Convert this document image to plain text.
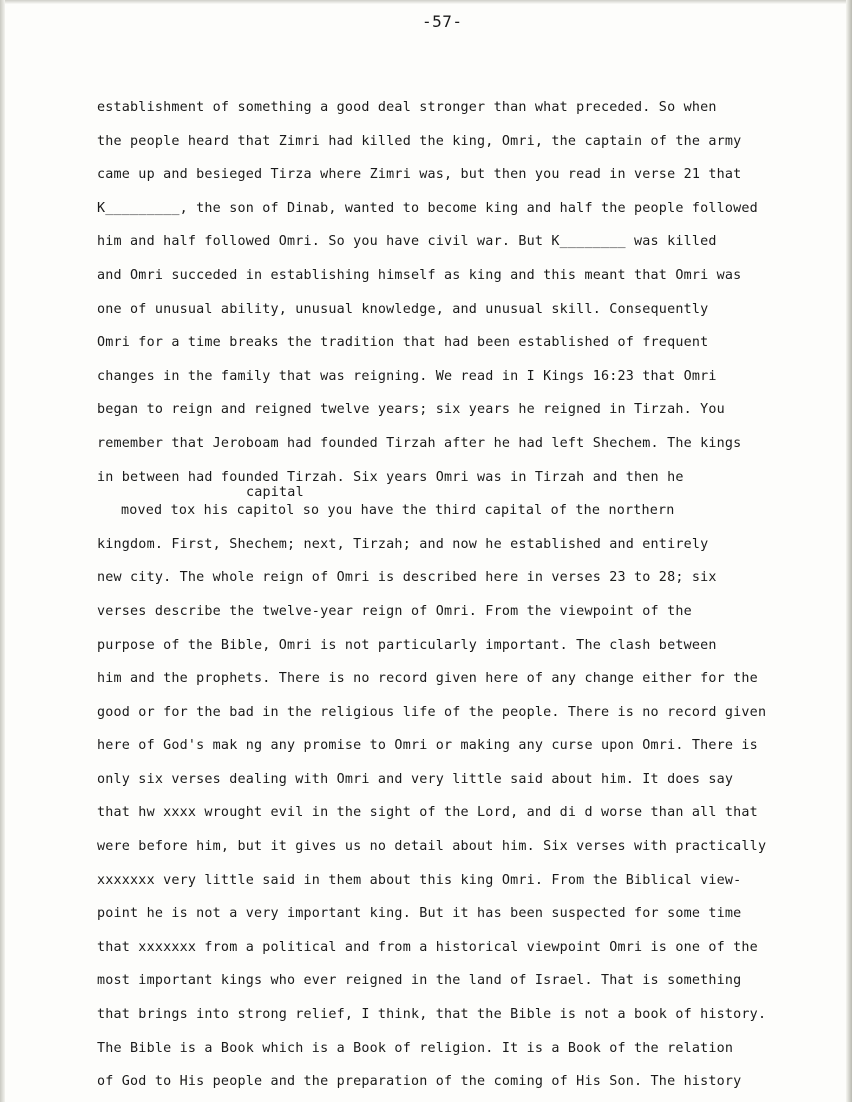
-57-
capital
establishment of something a good deal stronger than what preceded. So when
the people heard that Zimri had killed the king, Omri, the captain of the army
came up and besieged Tirza where Zimri was, but then you read in verse 21 that
K_________, the son of Dinab, wanted to become king and half the people followed
him and half followed Omri. So you have civil war. But K________ was killed
and Omri succeded in establishing himself as king and this meant that Omri was
one of unusual ability, unusual knowledge, and unusual skill. Consequently
Omri for a time breaks the tradition that had been established of frequent
changes in the family that was reigning. We read in I Kings 16:23 that Omri
began to reign and reigned twelve years; six years he reigned in Tirzah. You
remember that Jeroboam had founded Tirzah after he had left Shechem. The kings
in between had founded Tirzah. Six years Omri was in Tirzah and then he
moved tox his capitol so you have the third capital of the northern
kingdom. First, Shechem; next, Tirzah; and now he established and entirely
new city. The whole reign of Omri is described here in verses 23 to 28; six
verses describe the twelve-year reign of Omri. From the viewpoint of the
purpose of the Bible, Omri is not particularly important. The clash between
him and the prophets. There is no record given here of any change either for the
good or for the bad in the religious life of the people. There is no record given
here of God's mak ng any promise to Omri or making any curse upon Omri. There is
only six verses dealing with Omri and very little said about him. It does say
that hw xxxx wrought evil in the sight of the Lord, and di d worse than all that
were before him, but it gives us no detail about him. Six verses with practically
xxxxxxx very little said in them about this king Omri. From the Biblical view-
point he is not a very important king. But it has been suspected for some time
that xxxxxxx from a political and from a historical viewpoint Omri is one of the
most important kings who ever reigned in the land of Israel. That is something
that brings into strong relief, I think, that the Bible is not a book of history.
The Bible is a Book which is a Book of religion. It is a Book of the relation
of God to His people and the preparation of the coming of His Son. The history
